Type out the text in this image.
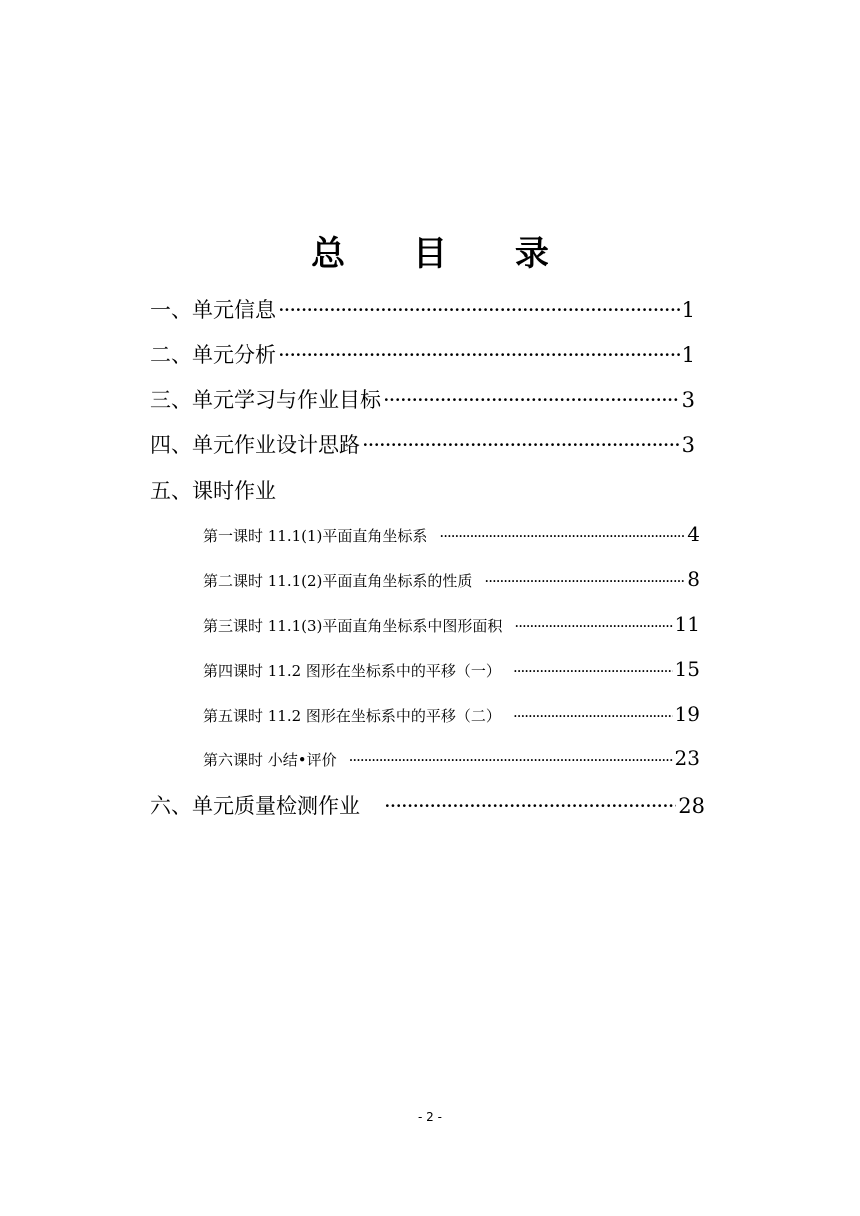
总 目 录
一、单元信息 ·····	1
二、单元分析 ·····	1
三、单元学习与作业目标 ·····	3
四、单元作业设计思路 ·····	3
五、课时作业
第一课时 11.1(1)平面直角坐标系 ·····	4
第二课时 11.1(2)平面直角坐标系的性质 ·····	8
第三课时 11.1(3)平面直角坐标系中图形面积 ·····	11
第四课时 11.2 图形在坐标系中的平移（一） ·····	15
第五课时 11.2 图形在坐标系中的平移（二） ·····	19
第六课时 小结•评价 ·····	23
六、单元质量检测作业 ·····	28
- 2 -
